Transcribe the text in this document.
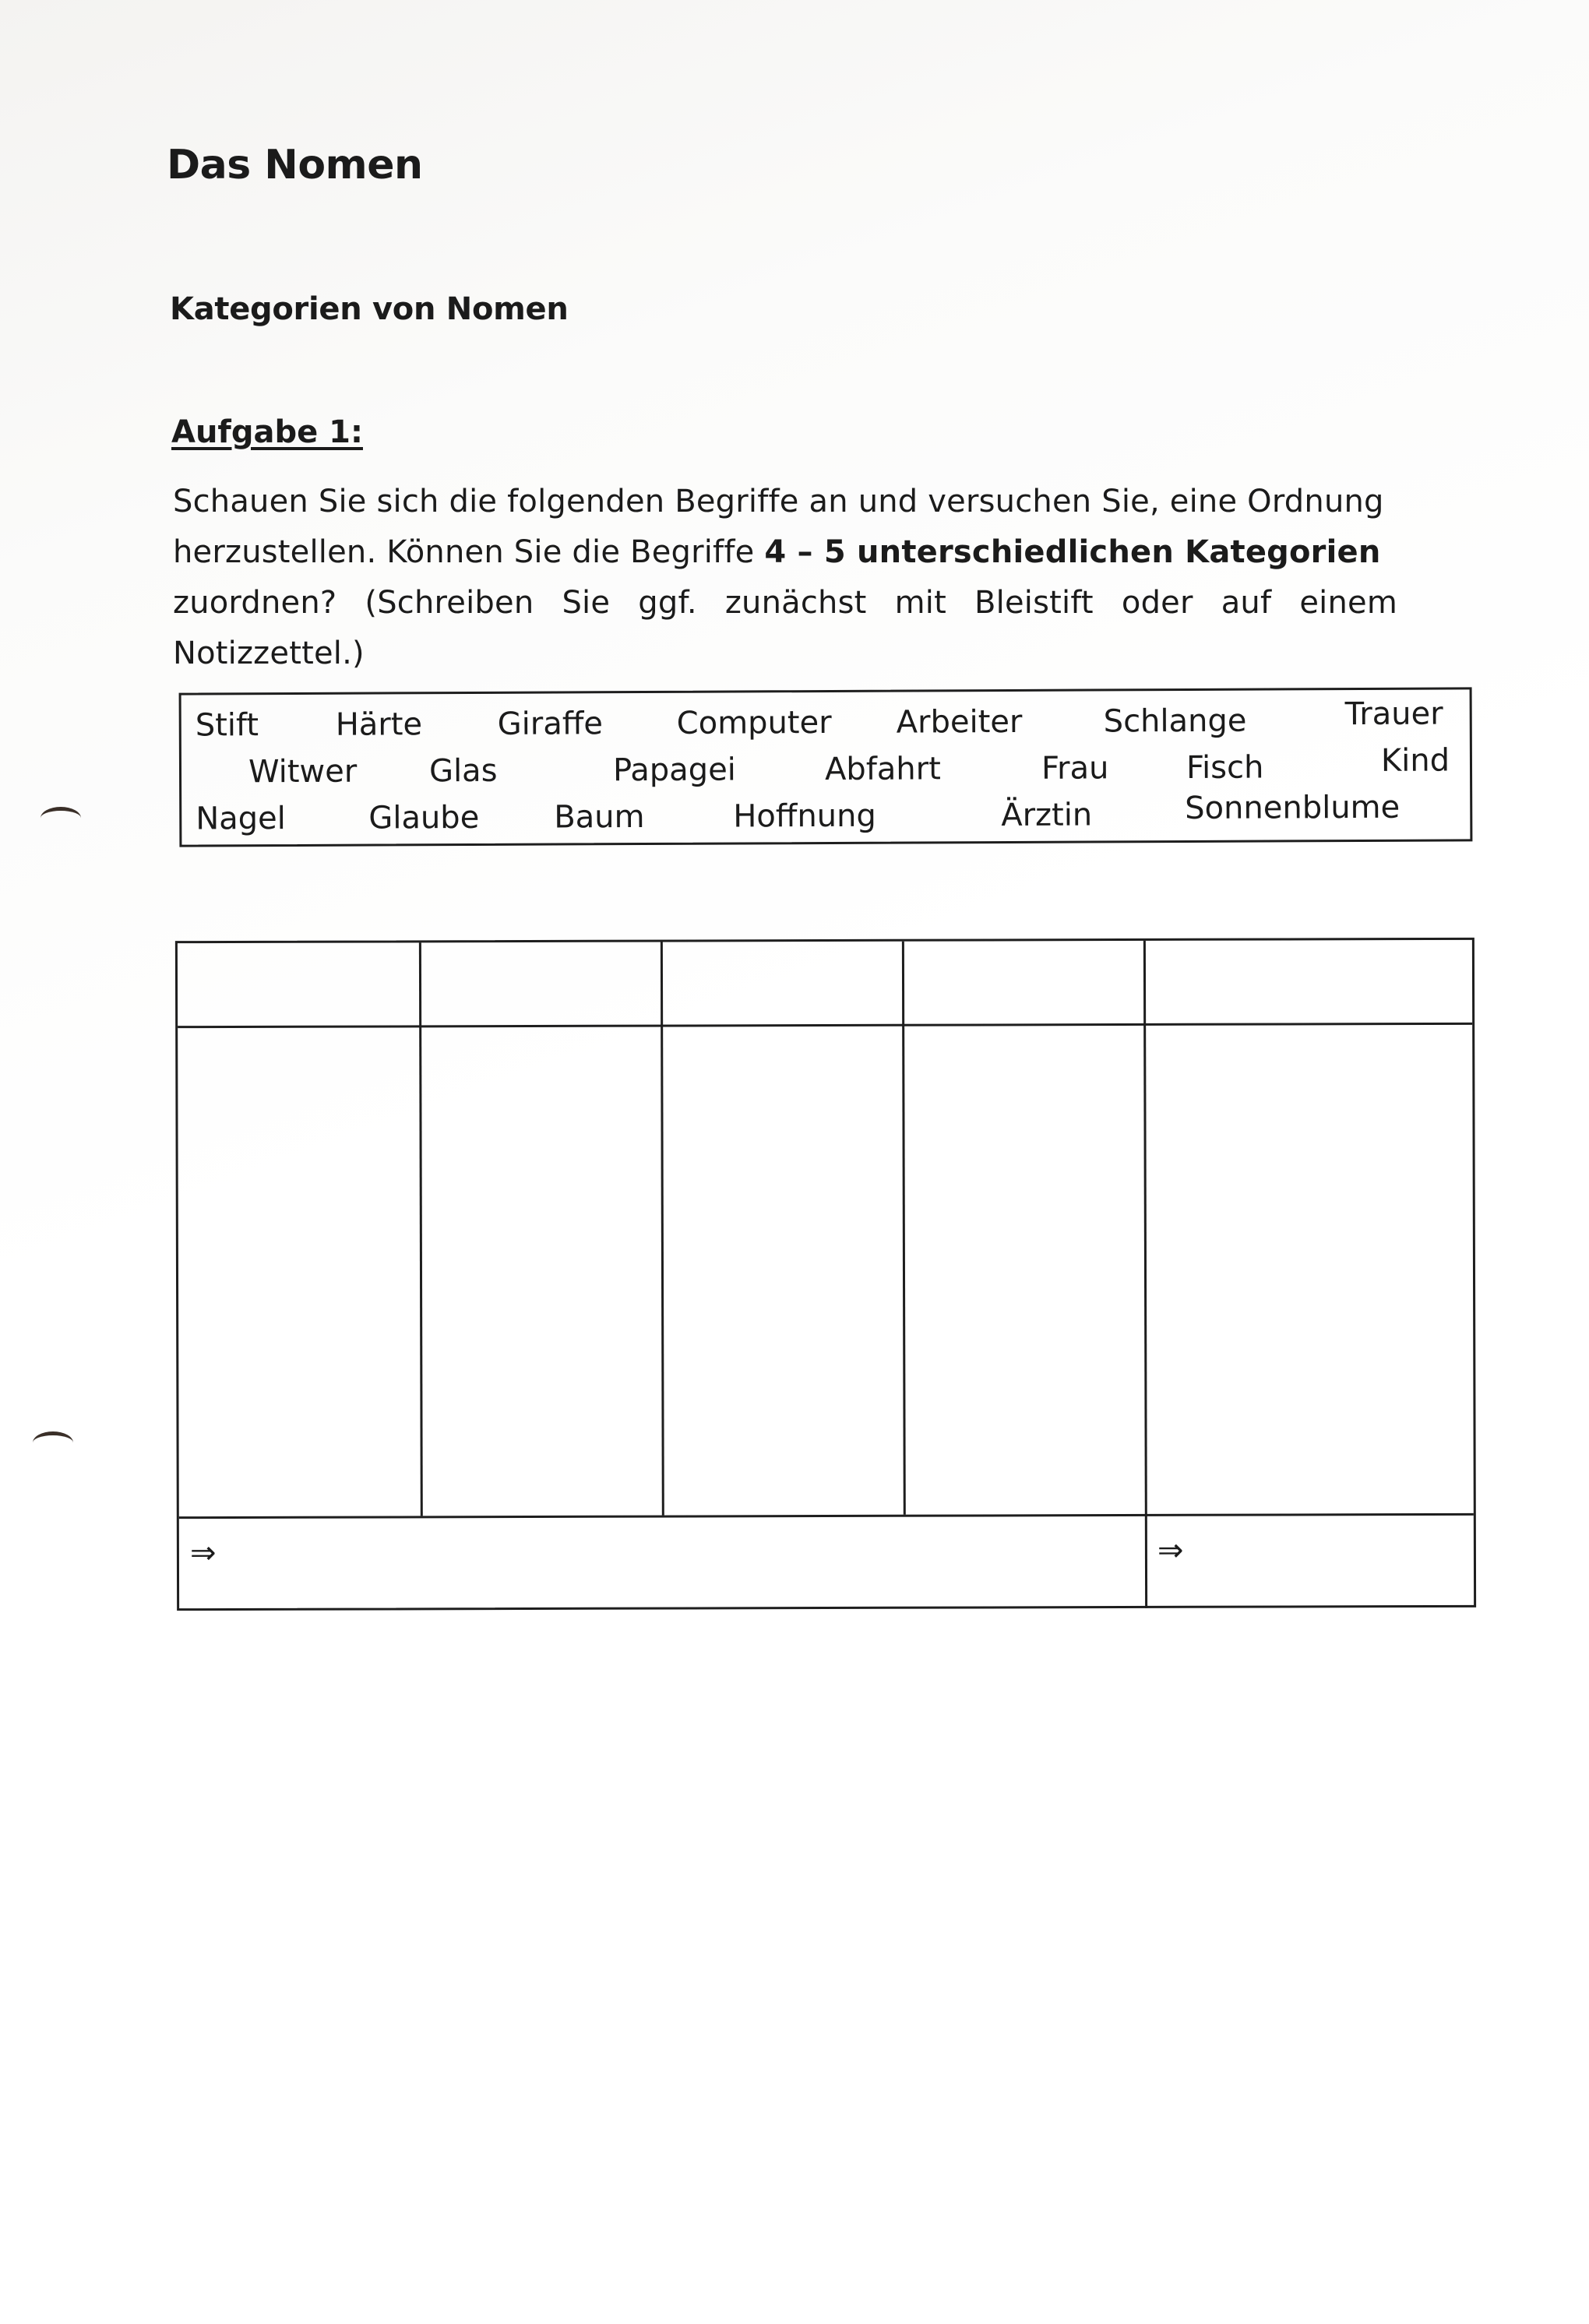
Das Nomen
Kategorien von Nomen
Aufgabe 1:
Schauen Sie sich die folgenden Begriffe an und versuchen Sie, eine Ordnung
herzustellen. Können Sie die Begriffe 4 – 5 unterschiedlichen Kategorien
zuordnen? (Schreiben Sie ggf. zunächst mit Bleistift oder auf einem Notizzettel.)
Stift Härte Giraffe Computer Arbeiter	Schlange	Trauer
Witwer Glas	Papagei	Abfahrt	Frau Fisch	Kind
Nagel	Glaube Baum	Hoffnung	Ärztin	Sonnenblume
⇒	⇒
